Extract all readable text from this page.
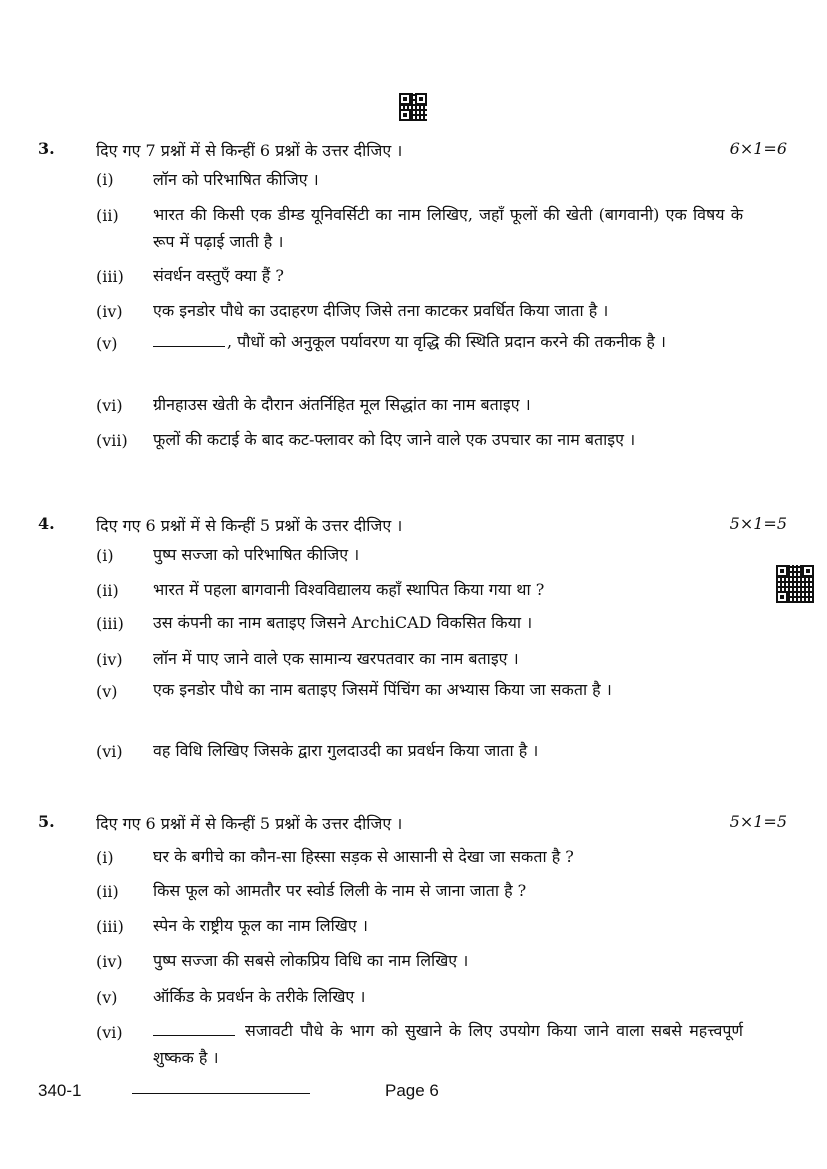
3.	दिए गए 7 प्रश्नों में से किन्हीं 6 प्रश्नों के उत्तर दीजिए ।	6×1=6
(i) लॉन को परिभाषित कीजिए ।
(ii) भारत की किसी एक डीम्ड यूनिवर्सिटी का नाम लिखिए, जहाँ फूलों की खेती (बागवानी) एक विषय के रूप में पढ़ाई जाती है ।
(iii) संवर्धन वस्तुएँ क्या हैं ?
(iv) एक इनडोर पौधे का उदाहरण दीजिए जिसे तना काटकर प्रवर्धित किया जाता है ।
(v)	, पौधों को अनुकूल पर्यावरण या वृद्धि की स्थिति प्रदान करने की तकनीक है ।
(vi) ग्रीनहाउस खेती के दौरान अंतर्निहित मूल सिद्धांत का नाम बताइए ।
(vii) फूलों की कटाई के बाद कट-फ्लावर को दिए जाने वाले एक उपचार का नाम बताइए ।
4.	दिए गए 6 प्रश्नों में से किन्हीं 5 प्रश्नों के उत्तर दीजिए ।	5×1=5
(i) पुष्प सज्जा को परिभाषित कीजिए ।
(ii) भारत में पहला बागवानी विश्वविद्यालय कहाँ स्थापित किया गया था ?
(iii) उस कंपनी का नाम बताइए जिसने ArchiCAD विकसित किया ।
(iv) लॉन में पाए जाने वाले एक सामान्य खरपतवार का नाम बताइए ।
(v) एक इनडोर पौधे का नाम बताइए जिसमें पिंचिंग का अभ्यास किया जा सकता है ।
(vi) वह विधि लिखिए जिसके द्वारा गुलदाउदी का प्रवर्धन किया जाता है ।
5.	दिए गए 6 प्रश्नों में से किन्हीं 5 प्रश्नों के उत्तर दीजिए ।	5×1=5
(i) घर के बगीचे का कौन-सा हिस्सा सड़क से आसानी से देखा जा सकता है ?
(ii) किस फूल को आमतौर पर स्वोर्ड लिली के नाम से जाना जाता है ?
(iii) स्पेन के राष्ट्रीय फूल का नाम लिखिए ।
(iv) पुष्प सज्जा की सबसे लोकप्रिय विधि का नाम लिखिए ।
(v) ऑर्किड के प्रवर्धन के तरीके लिखिए ।
(vi)	सजावटी पौधे के भाग को सुखाने के लिए उपयोग किया जाने वाला सबसे महत्त्वपूर्ण शुष्कक है ।
340-1	Page 6
